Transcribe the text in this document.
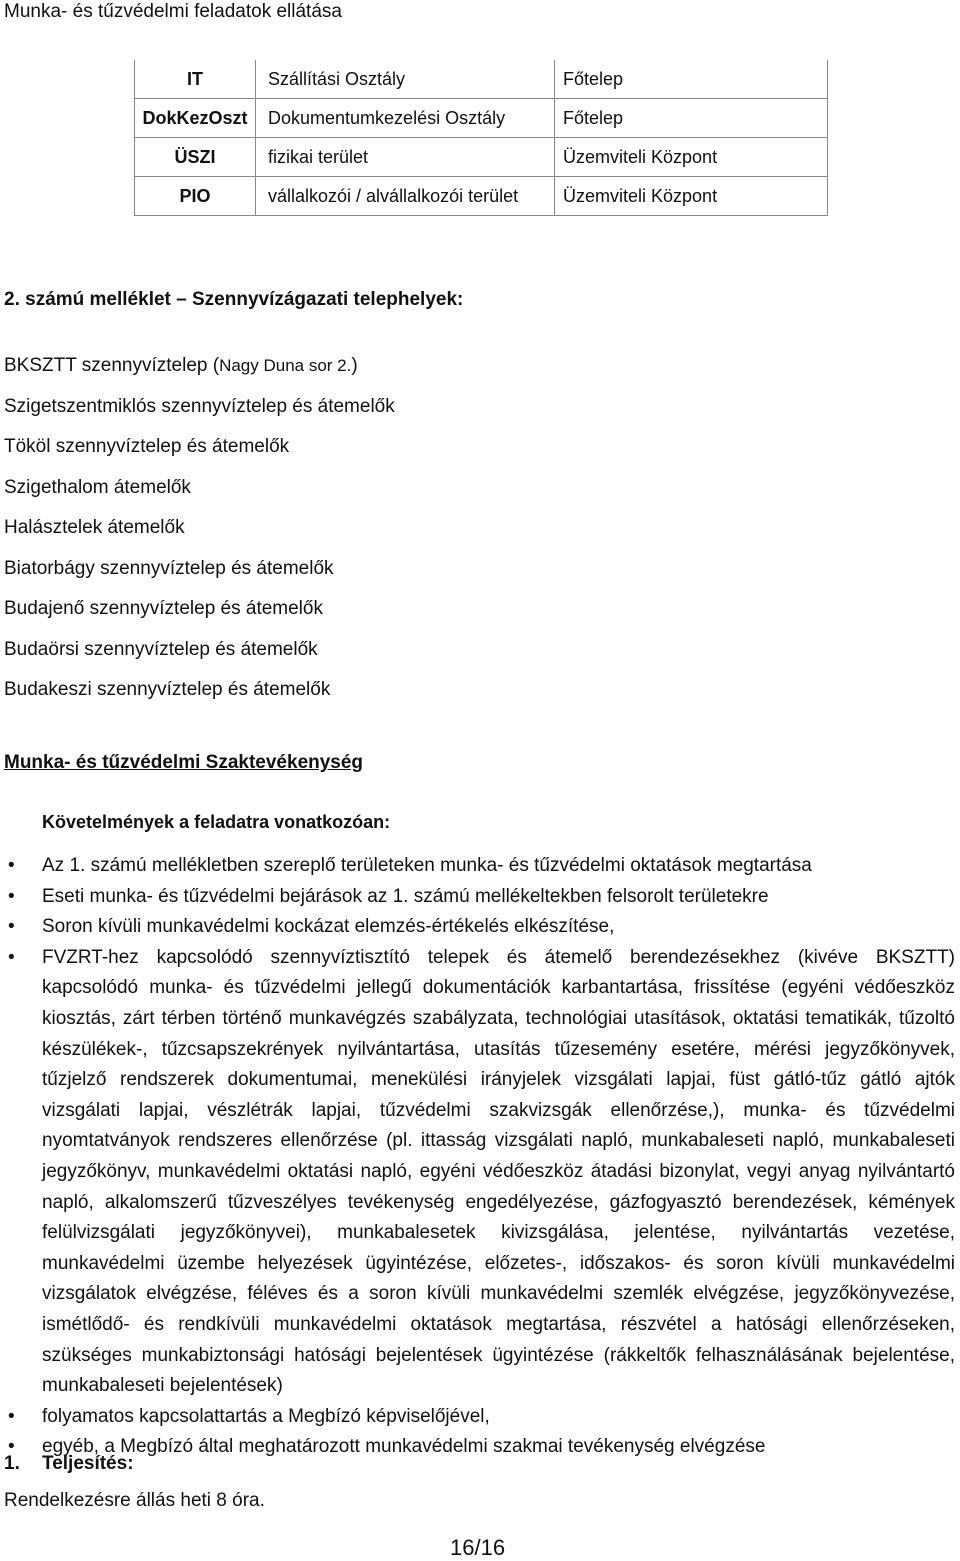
Munka- és tűzvédelmi feladatok ellátása
IT	Szállítási Osztály	Főtelep
DokKezOszt	Dokumentumkezelési Osztály	Főtelep
ÜSZI	fizikai terület	Üzemviteli Központ
PIO	vállalkozói / alvállalkozói terület	Üzemviteli Központ
2. számú melléklet – Szennyvízágazati telephelyek:
BKSZTT szennyvíztelep (Nagy Duna sor 2.)
Szigetszentmiklós szennyvíztelep és átemelők
Tököl szennyvíztelep és átemelők
Szigethalom átemelők
Halásztelek átemelők
Biatorbágy szennyvíztelep és átemelők
Budajenő szennyvíztelep és átemelők
Budaörsi szennyvíztelep és átemelők
Budakeszi szennyvíztelep és átemelők
Munka- és tűzvédelmi Szaktevékenység
Követelmények a feladatra vonatkozóan:
• Az 1. számú mellékletben szereplő területeken munka- és tűzvédelmi oktatások megtartása
• Eseti munka- és tűzvédelmi bejárások az 1. számú mellékeltekben felsorolt területekre
• Soron kívüli munkavédelmi kockázat elemzés-értékelés elkészítése,
• FVZRT-hez kapcsolódó szennyvíztisztító telepek és átemelő berendezésekhez (kivéve BKSZTT) kapcsolódó munka- és tűzvédelmi jellegű dokumentációk karbantartása, frissítése (egyéni védőeszköz kiosztás, zárt térben történő munkavégzés szabályzata, technológiai utasítások, oktatási tematikák, tűzoltó készülékek-, tűzcsapszekrények nyilvántartása, utasítás tűzesemény esetére, mérési jegyzőkönyvek, tűzjelző rendszerek dokumentumai, menekülési irányjelek vizsgálati lapjai, füst gátló-tűz gátló ajtók vizsgálati lapjai, vészlétrák lapjai, tűzvédelmi szakvizsgák ellenőrzése,), munka- és tűzvédelmi nyomtatványok rendszeres ellenőrzése (pl. ittasság vizsgálati napló, munkabaleseti napló, munkabaleseti jegyzőkönyv, munkavédelmi oktatási napló, egyéni védőeszköz átadási bizonylat, vegyi anyag nyilvántartó napló, alkalomszerű tűzveszélyes tevékenység engedélyezése, gázfogyasztó berendezések, kémények felülvizsgálati jegyzőkönyvei), munkabalesetek kivizsgálása, jelentése, nyilvántartás vezetése, munkavédelmi üzembe helyezések ügyintézése, előzetes-, időszakos- és soron kívüli munkavédelmi vizsgálatok elvégzése, féléves és a soron kívüli munkavédelmi szemlék elvégzése, jegyzőkönyvezése, ismétlődő- és rendkívüli munkavédelmi oktatások megtartása, részvétel a hatósági ellenőrzéseken, szükséges munkabiztonsági hatósági bejelentések ügyintézése (rákkeltők felhasználásának bejelentése, munkabaleseti bejelentések)
• folyamatos kapcsolattartás a Megbízó képviselőjével,
• egyéb, a Megbízó által meghatározott munkavédelmi szakmai tevékenység elvégzése
1. Teljesítés:
Rendelkezésre állás heti 8 óra.
16/16
